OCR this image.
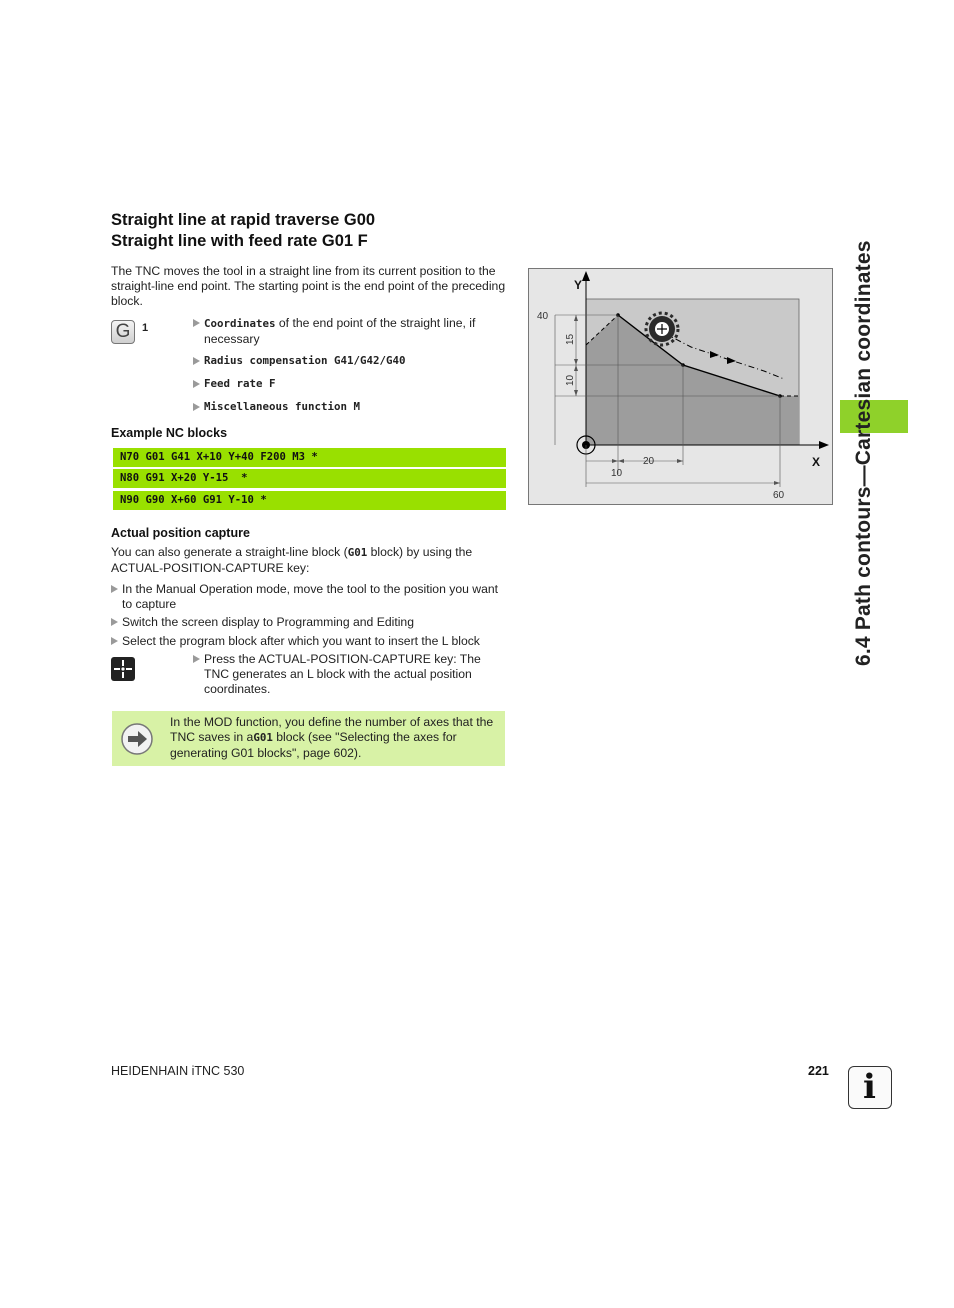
Straight line at rapid traverse G00
Straight line with feed rate G01 F
The TNC moves the tool in a straight line from its current position to the straight-line end point. The starting point is the end point of the preceding block.
G	1	Coordinates of the end point of the straight line, if necessary
Radius compensation G41/G42/G40
Feed rate F
Miscellaneous function M
Example NC blocks
N70 G01 G41 X+10 Y+40 F200 M3 *
N80 G91 X+20 Y-15  *
N90 G90 X+60 G91 Y-10 *
Actual position capture
You can also generate a straight-line block (G01 block) by using the ACTUAL-POSITION-CAPTURE key:
In the Manual Operation mode, move the tool to the position you want to capture
Switch the screen display to Programming and Editing
Select the program block after which you want to insert the L block
Press the ACTUAL-POSITION-CAPTURE key: The TNC generates an L block with the actual position coordinates.
In the MOD function, you define the number of axes that the TNC saves in aG01 block (see "Selecting the axes for generating G01 blocks", page 602).
Y
X
40
15
10
20
10
60	6.4 Path contours—Cartesian coordinates
HEIDENHAIN iTNC 530	221	i
